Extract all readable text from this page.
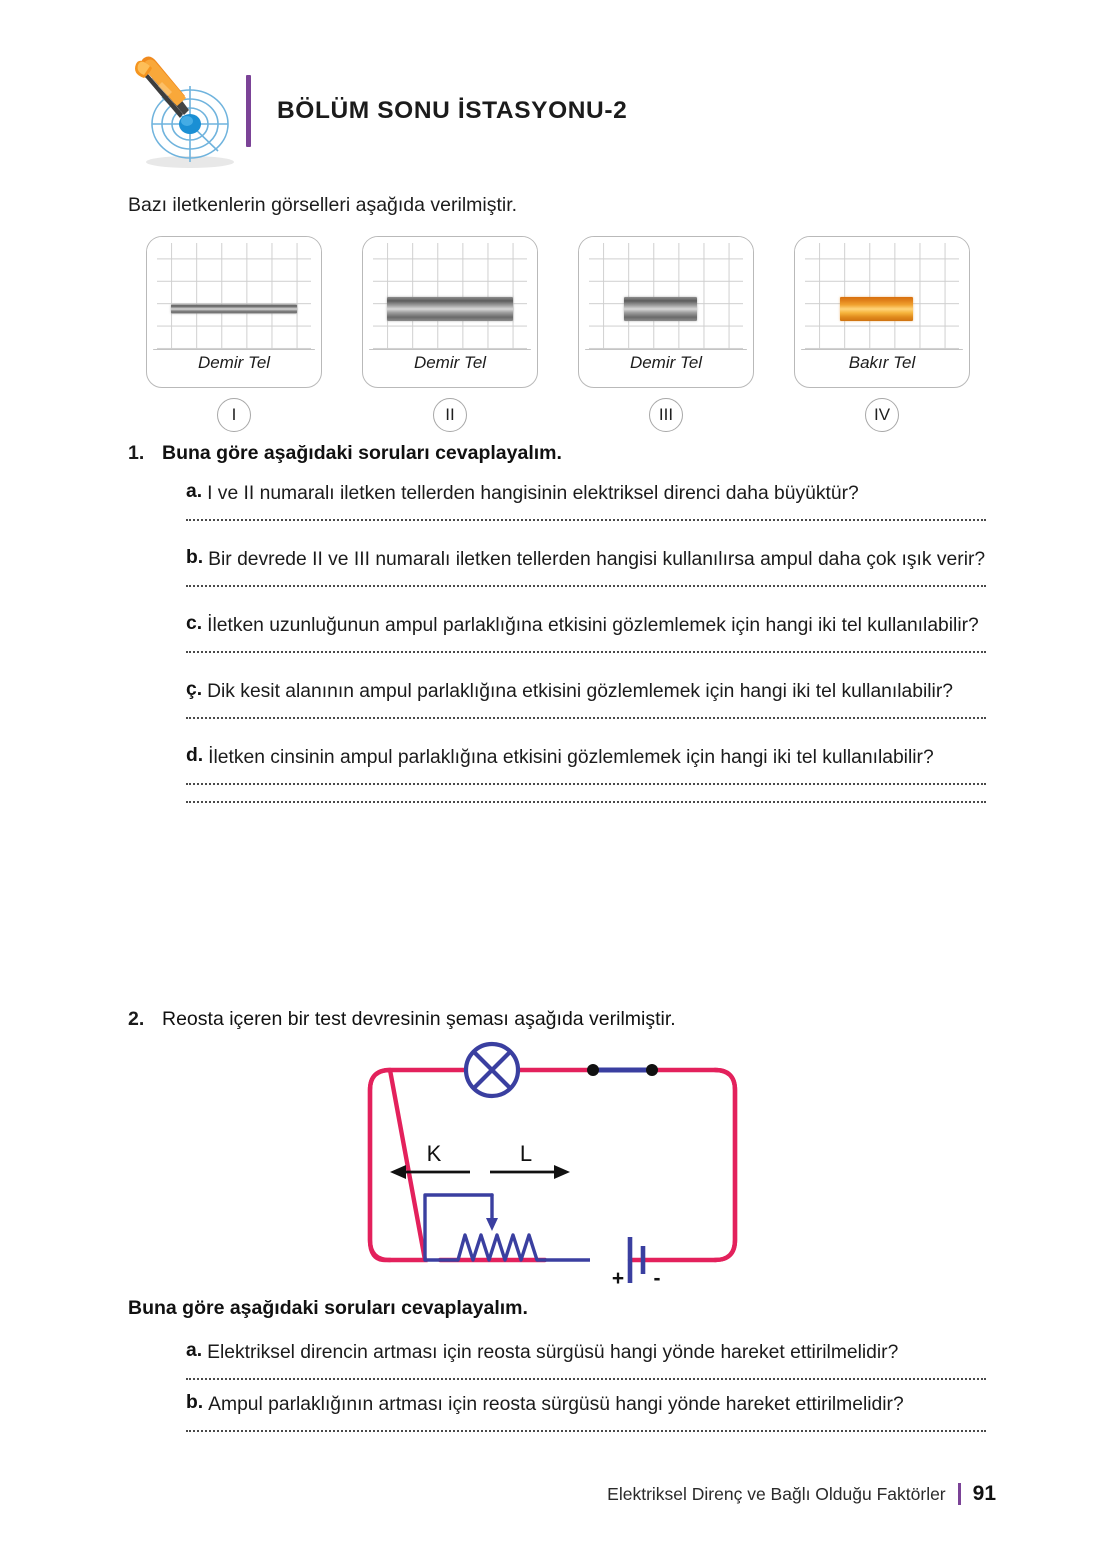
BÖLÜM SONU İSTASYONU-2
Bazı iletkenlerin görselleri aşağıda verilmiştir.
Demir Tel
I
Demir Tel
II
Demir Tel
III
Bakır Tel
IV
1. Buna göre aşağıdaki soruları cevaplayalım.
a. I ve II numaralı iletken tellerden hangisinin elektriksel direnci daha büyüktür?
b. Bir devrede II ve III numaralı iletken tellerden hangisi kullanılırsa ampul daha çok ışık verir?
c. İletken uzunluğunun ampul parlaklığına etkisini gözlemlemek için hangi iki tel kullanılabilir?
ç. Dik kesit alanının ampul parlaklığına etkisini gözlemlemek için hangi iki tel kullanılabilir?
d. İletken cinsinin ampul parlaklığına etkisini gözlemlemek için hangi iki tel kullanılabilir?
2. Reosta içeren bir test devresinin şeması aşağıda verilmiştir.
K	L
+ -
Buna göre aşağıdaki soruları cevaplayalım.
a. Elektriksel direncin artması için reosta sürgüsü hangi yönde hareket ettirilmelidir?
b. Ampul parlaklığının artması için reosta sürgüsü hangi yönde hareket ettirilmelidir?
Elektriksel Direnç ve Bağlı Olduğu Faktörler 91
